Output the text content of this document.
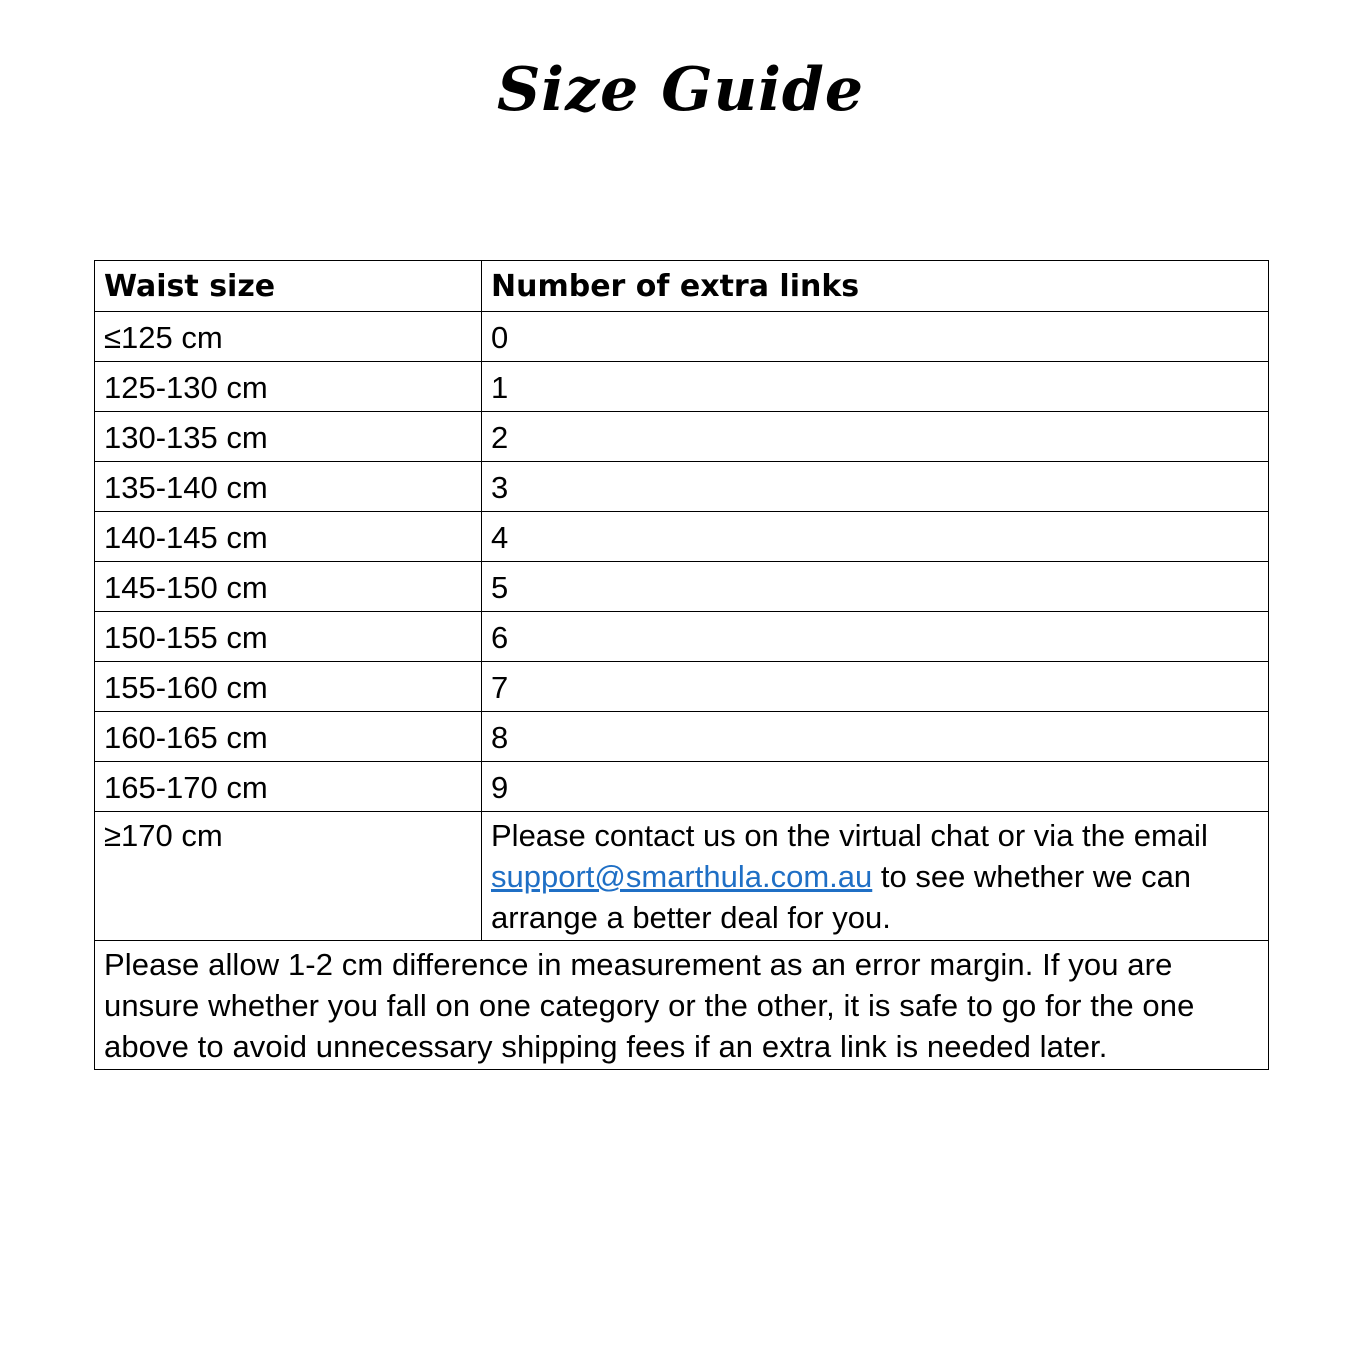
Size Guide
Waist size	Number of extra links
≤125 cm	0
125-130 cm	1
130-135 cm	2
135-140 cm	3
140-145 cm	4
145-150 cm	5
150-155 cm	6
155-160 cm	7
160-165 cm	8
165-170 cm	9
≥170 cm	Please contact us on the virtual chat or via the email support@smarthula.com.au to see whether we can arrange a better deal for you.
Please allow 1-2 cm difference in measurement as an error margin. If you are unsure whether you fall on one category or the other, it is safe to go for the one above to avoid unnecessary shipping fees if an extra link is needed later.	
